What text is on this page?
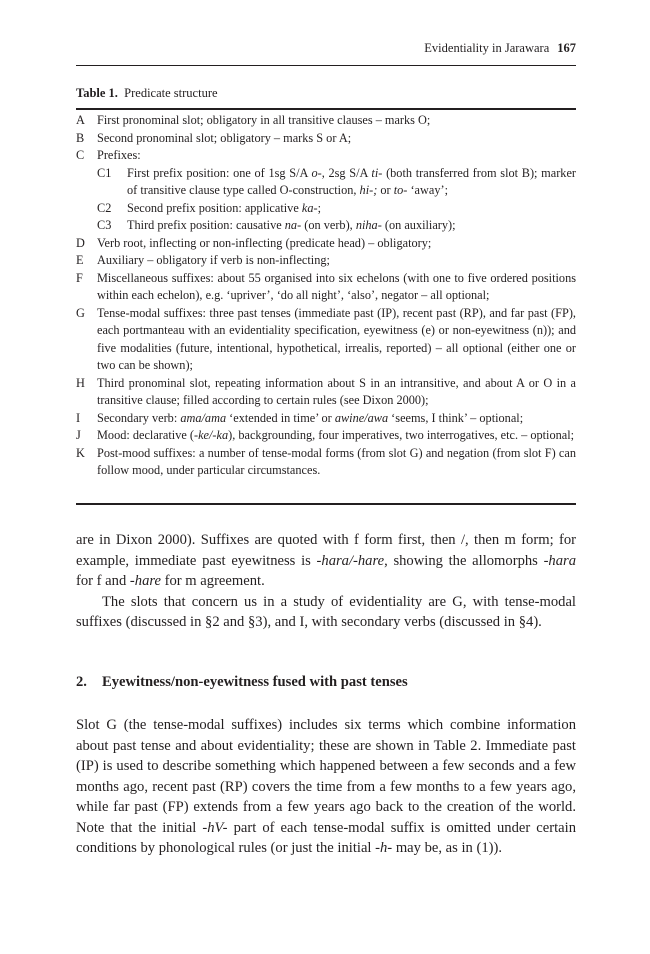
Evidentiality in Jarawara 167
Table 1. Predicate structure
A First pronominal slot; obligatory in all transitive clauses – marks O;
B	Second pronominal slot; obligatory – marks S or A;
C	Prefixes:
C1	First prefix position: one of 1sg S/A o-, 2sg S/A ti- (both transferred from slot B); marker of transitive clause type called O-construction, hi-; or to- ‘away’;
C2	Second prefix position: applicative ka-;
C3	Third prefix position: causative na- (on verb), niha- (on auxiliary);
D Verb root, inflecting or non-inflecting (predicate head) – obligatory;
E	Auxiliary – obligatory if verb is non-inflecting;
F	Miscellaneous suffixes: about 55 organised into six echelons (with one to five ordered positions within each echelon), e.g. ‘upriver’, ‘do all night’, ‘also’, negator – all optional;
G Tense-modal suffixes: three past tenses (immediate past (IP), recent past (RP), and far past (FP), each portmanteau with an evidentiality specification, eyewitness (e) or non-eyewitness (n)); and five modalities (future, intentional, hypothetical, irrealis, reported) – all optional (either one or two can be shown);
H Third pronominal slot, repeating information about S in an intransitive, and about A or O in a transitive clause; filled according to certain rules (see Dixon 2000);
I	Secondary verb: ama/ama ‘extended in time’ or awine/awa ‘seems, I think’ – optional;
J	Mood: declarative (-ke/-ka), backgrounding, four imperatives, two interrogatives, etc. – optional;
K Post-mood suffixes: a number of tense-modal forms (from slot G) and negation (from slot F) can follow mood, under particular circumstances.

are in Dixon 2000). Suffixes are quoted with f form first, then /, then m form; for example, immediate past eyewitness is -hara/-hare, showing the allomorphs -hara for f and -hare for m agreement.

The slots that concern us in a study of evidentiality are G, with tense-modal suffixes (discussed in §2 and §3), and I, with secondary verbs (discussed in §4).

2. Eyewitness/non-eyewitness fused with past tenses

Slot G (the tense-modal suffixes) includes six terms which combine information about past tense and about evidentiality; these are shown in Table 2. Immediate past (IP) is used to describe something which happened between a few seconds and a few months ago, recent past (RP) covers the time from a few months to a few years ago, while far past (FP) extends from a few years ago back to the creation of the world. Note that the initial -hV- part of each tense-modal suffix is omitted under certain conditions by phonological rules (or just the initial -h- may be, as in (1)).
